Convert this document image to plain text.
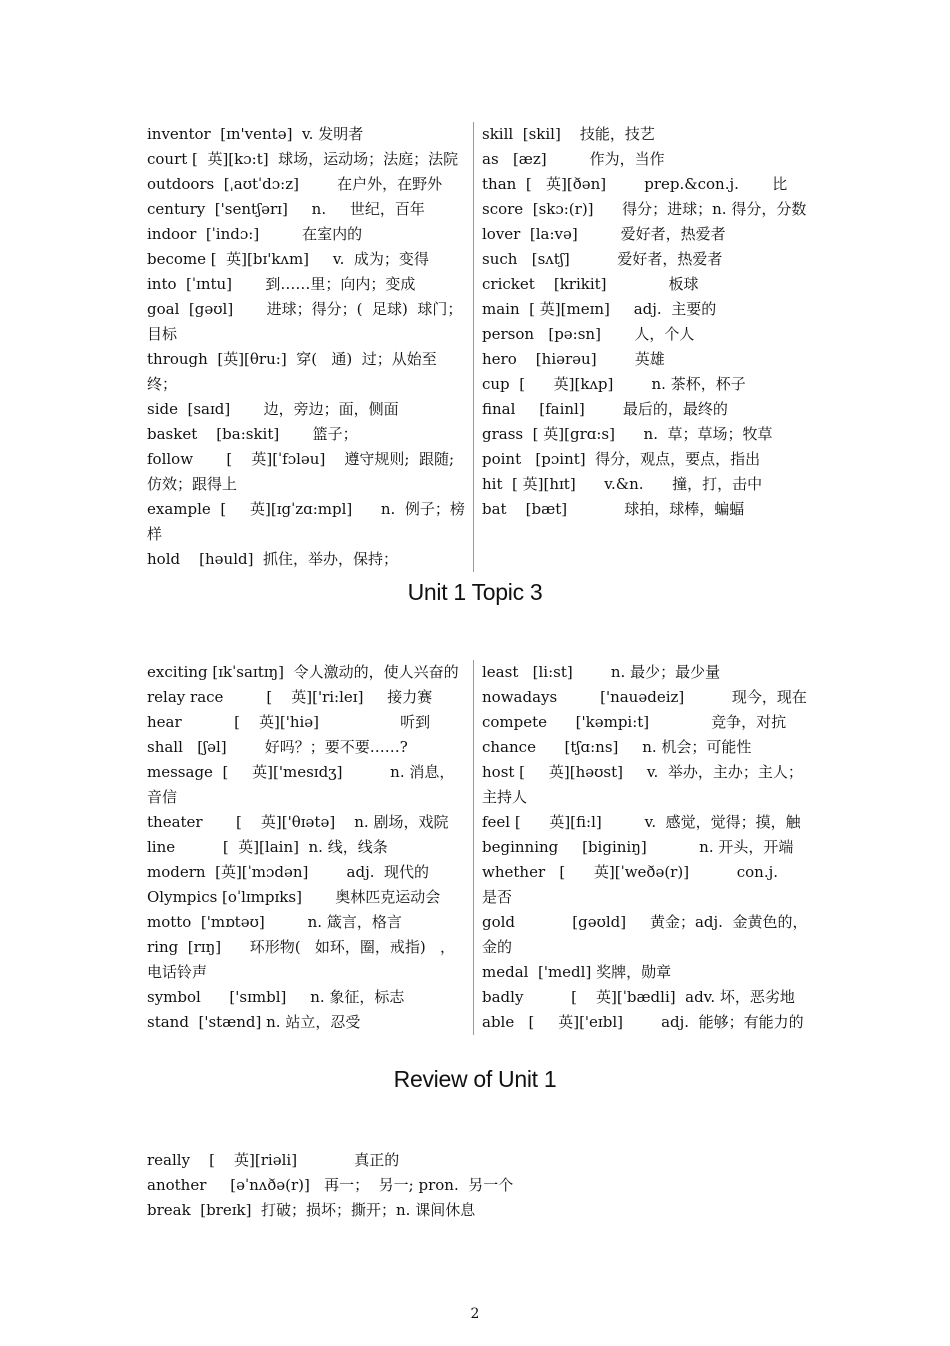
inventor  [ɪn'ventə]  v. 发明者
court [  英][kɔ:t]  球场，运动场；法庭；法院
outdoors  [ˌaʊtˈdɔ:z]        在户外，在野外
century  ['sentʃərɪ]     n.     世纪，百年
indoor  [ˈindɔ:]         在室内的
become [  英][bɪ'kʌm]     v.  成为；变得
into  [ˈɪntu]       到……里；向内；变成
goal  [gəʊl]       进球；得分；(  足球)  球门；目标
through  [英][θru:]  穿(   通)  过；从始至终；
side  [saɪd]       边，旁边；面，侧面
basket    [ba:skit]       篮子；
follow       [    英][ˈfɔləu]    遵守规则;  跟随;  仿效；跟得上
example  [     英][ɪgˈzɑ:mpl]      n.  例子；榜样
hold    [həuld]  抓住，举办，保持；
skill  [skil]    技能，技艺
as   [æz]         作为，当作
than  [   英][ðən]        prep.&con.j.       比
score  [skɔ:(r)]      得分；进球；n. 得分，分数
lover  [la:və]         爱好者，热爱者
such   [sʌtʃ]          爱好者，热爱者
cricket    [krikit]             板球
main  [ 英][meɪn]     adj.  主要的
person   [pə:sn]       人，个人
hero    [hiərəu]        英雄
cup  [      英][kʌp]        n. 茶杯，杯子
final     [fainl]        最后的，最终的
grass  [ 英][grɑ:s]      n.  草；草场；牧草
point   [pɔint]  得分，观点，要点，指出
hit  [ 英][hɪt]      v.&n.      撞，打，击中
bat    [bæt]            球拍，球棒，蝙蝠
Unit 1 Topic 3
exciting [ɪkˈsaɪtɪŋ]  令人激动的，使人兴奋的
relay race         [    英]['ri:leɪ]     接力赛
hear           [    英]['hiə]                 听到
shall   [ʃəl]        好吗？；要不要……?
message  [     英]['mesɪdʒ]          n. 消息，音信
theater       [    英]['θɪətə]    n. 剧场，戏院
line          [  英][lain]  n. 线，线条
modern  [英][ˈmɔdən]        adj.  现代的
Olympics [oˈlɪmpɪks]       奥林匹克运动会
motto  ['mɒtəʊ]         n. 箴言，格言
ring  [rɪŋ]      环形物(   如环，圈，戒指)   ，电话铃声
symbol      ['sɪmbl]     n. 象征，标志
stand  ['stænd] n. 站立，忍受
least   [li:st]        n. 最少；最少量
nowadays         ['nauədeiz]          现今，现在
compete      ['kəmpi:t]             竞争，对抗
chance      [tʃɑ:ns]     n. 机会；可能性
host [     英][həʊst]     v.  举办，主办；主人；主持人
feel [      英][fi:l]         v.  感觉，觉得；摸，触
beginning     [biginiŋ]           n. 开头，开端
whether   [      英][ˈweðə(r)]          con.j.     是否
gold            [gəʊld]     黄金；adj.  金黄色的，金的
medal  ['medl] 奖牌，勋章
badly          [    英][ˈbædli]  adv. 坏，恶劣地
able   [     英]['eɪbl]        adj.  能够；有能力的
Review of Unit 1
really    [    英][riəli]            真正的
another     [əˈnʌðə(r)]   再一；  另一; pron.  另一个
break  [breɪk]  打破；损坏；撕开；n. 课间休息
2
